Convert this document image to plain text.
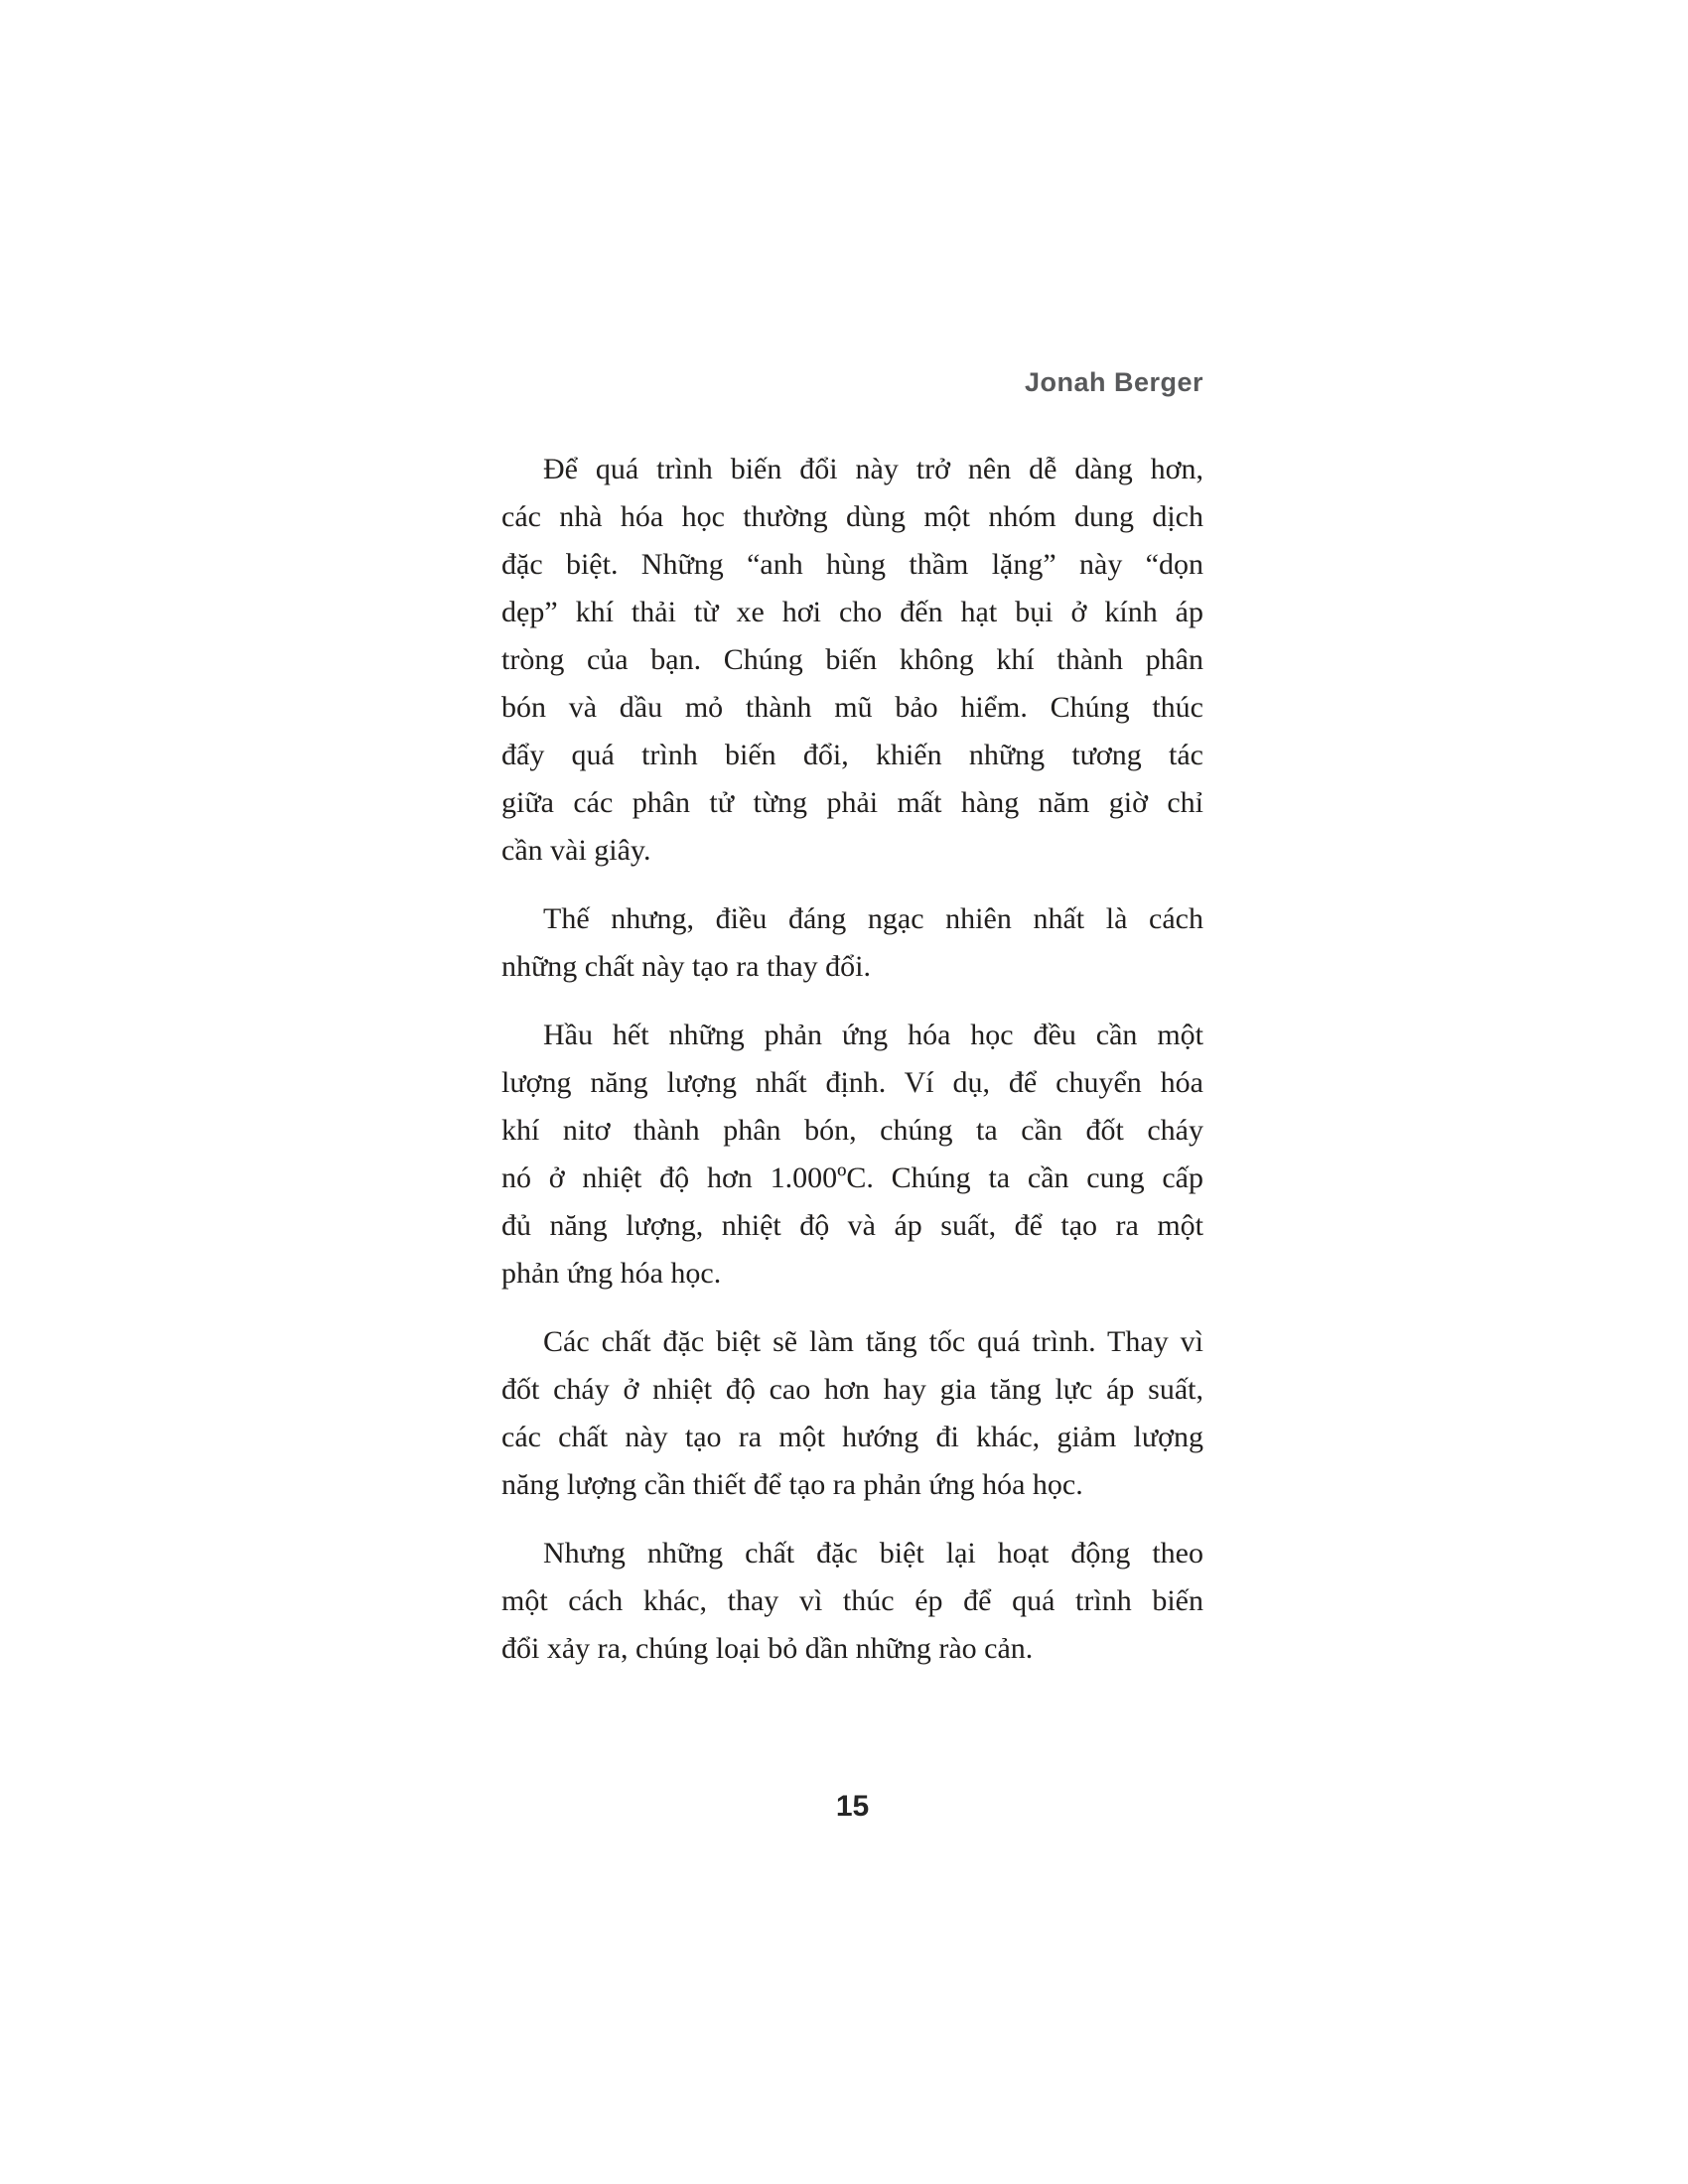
Jonah Berger
Để quá trình biến đổi này trở nên dễ dàng hơn,
các nhà hóa học thường dùng một nhóm dung dịch
đặc biệt. Những “anh hùng thầm lặng” này “dọn
dẹp” khí thải từ xe hơi cho đến hạt bụi ở kính áp
tròng của bạn. Chúng biến không khí thành phân
bón và dầu mỏ thành mũ bảo hiểm. Chúng thúc
đẩy quá trình biến đổi, khiến những tương tác
giữa các phân tử từng phải mất hàng năm giờ chỉ
cần vài giây.
Thế nhưng, điều đáng ngạc nhiên nhất là cách
những chất này tạo ra thay đổi.
Hầu hết những phản ứng hóa học đều cần một
lượng năng lượng nhất định. Ví dụ, để chuyển hóa
khí nitơ thành phân bón, chúng ta cần đốt cháy
nó ở nhiệt độ hơn 1.000ºC. Chúng ta cần cung cấp
đủ năng lượng, nhiệt độ và áp suất, để tạo ra một
phản ứng hóa học.
Các chất đặc biệt sẽ làm tăng tốc quá trình. Thay vì
đốt cháy ở nhiệt độ cao hơn hay gia tăng lực áp suất,
các chất này tạo ra một hướng đi khác, giảm lượng
năng lượng cần thiết để tạo ra phản ứng hóa học.
Nhưng những chất đặc biệt lại hoạt động theo
một cách khác, thay vì thúc ép để quá trình biến
đổi xảy ra, chúng loại bỏ dần những rào cản.
15
